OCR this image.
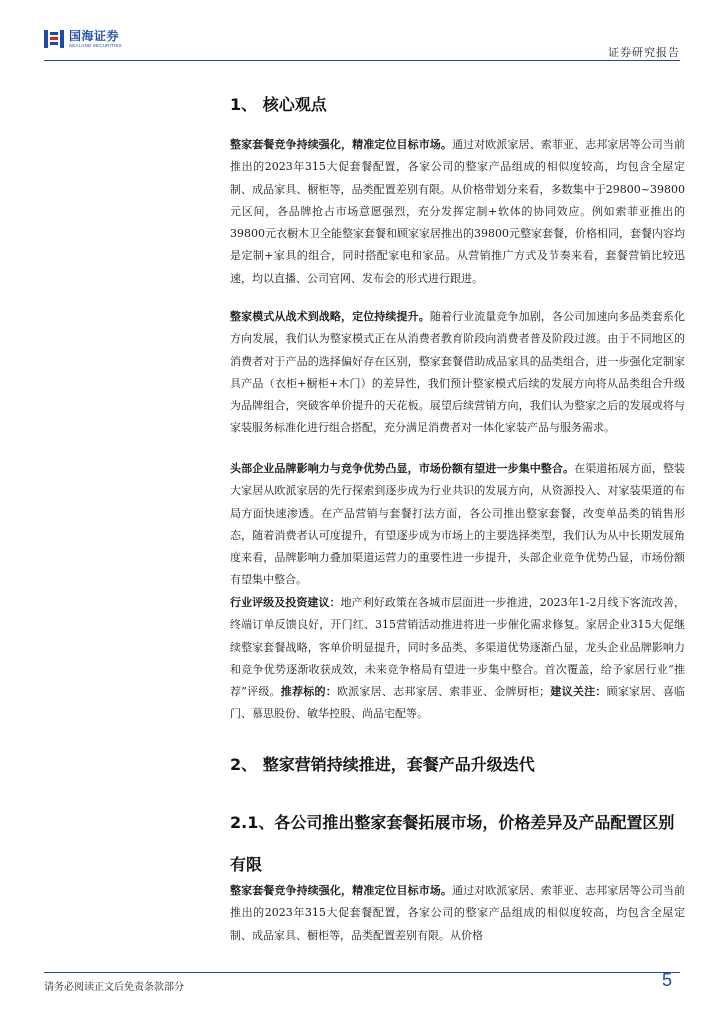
国海证券
SEALAND SECURITIES
证券研究报告
1、 核心观点

整家套餐竞争持续强化，精准定位目标市场。通过对欧派家居、索菲亚、志邦家居等公司当前推出的2023年315大促套餐配置，各家公司的整家产品组成的相似度较高，均包含全屋定制、成品家具、橱柜等，品类配置差别有限。从价格带划分来看，多数集中于29800~39800元区间，各品牌抢占市场意愿强烈，充分发挥定制+软体的协同效应。例如索菲亚推出的39800元衣橱木卫全能整家套餐和顾家家居推出的39800元整家套餐，价格相同，套餐内容均是定制+家具的组合，同时搭配家电和家品。从营销推广方式及节奏来看，套餐营销比较迅速，均以直播、公司官网、发布会的形式进行跟进。

整家模式从战术到战略，定位持续提升。随着行业流量竞争加剧，各公司加速向多品类套系化方向发展，我们认为整家模式正在从消费者教育阶段向消费者普及阶段过渡。由于不同地区的消费者对于产品的选择偏好存在区别，整家套餐借助成品家具的品类组合，进一步强化定制家具产品（衣柜+橱柜+木门）的差异性，我们预计整家模式后续的发展方向将从品类组合升级为品牌组合，突破客单价提升的天花板。展望后续营销方向，我们认为整家之后的发展或将与家装服务标准化进行组合搭配，充分满足消费者对一体化家装产品与服务需求。

头部企业品牌影响力与竞争优势凸显，市场份额有望进一步集中整合。在渠道拓展方面，整装大家居从欧派家居的先行探索到逐步成为行业共识的发展方向，从资源投入、对家装渠道的布局方面快速渗透。在产品营销与套餐打法方面，各公司推出整家套餐，改变单品类的销售形态，随着消费者认可度提升，有望逐步成为市场上的主要选择类型，我们认为从中长期发展角度来看，品牌影响力叠加渠道运营力的重要性进一步提升，头部企业竞争优势凸显，市场份额有望集中整合。

行业评级及投资建议：地产利好政策在各城市层面进一步推进，2023年1-2月线下客流改善，终端订单反馈良好，开门红、315营销活动推进将进一步催化需求修复。家居企业315大促继续整家套餐战略，客单价明显提升，同时多品类、多渠道优势逐渐凸显，龙头企业品牌影响力和竞争优势逐渐收获成效，未来竞争格局有望进一步集中整合。首次覆盖，给予家居行业“推荐”评级。推荐标的：欧派家居、志邦家居、索菲亚、金牌厨柜；建议关注：顾家家居、喜临门、慕思股份、敏华控股、尚品宅配等。

2、 整家营销持续推进，套餐产品升级迭代
2.1、各公司推出整家套餐拓展市场，价格差异及产品配置区别有限

整家套餐竞争持续强化，精准定位目标市场。通过对欧派家居、索菲亚、志邦家居等公司当前推出的2023年315大促套餐配置，各家公司的整家产品组成的相似度较高，均包含全屋定制、成品家具、橱柜等，品类配置差别有限。从价格

请务必阅读正文后免责条款部分	5
